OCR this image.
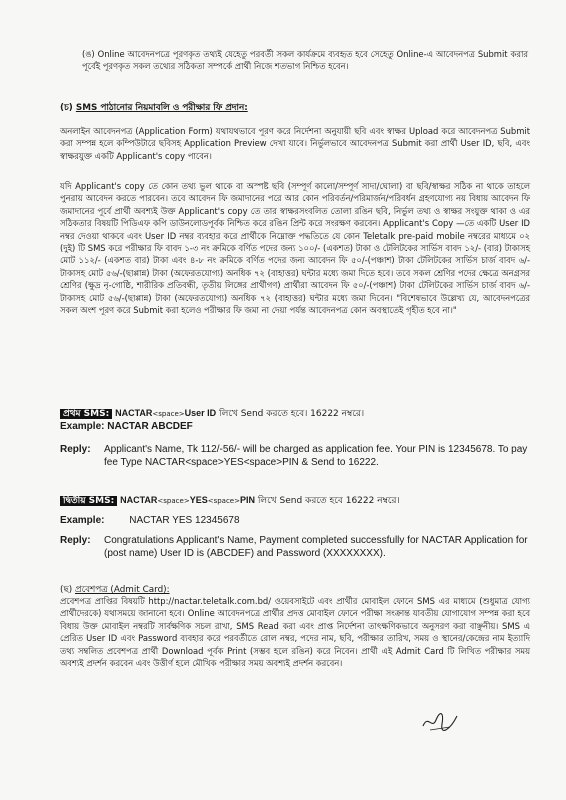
(ঙ) Online আবেদনপত্রে পূরণকৃত তথ্যই যেহেতু পরবর্তী সকল কার্যক্রমে ব্যবহৃত হবে সেহেতু Online-এ আবেদনপত্র Submit করার পূর্বেই পূরণকৃত সকল তথ্যের সঠিকতা সম্পর্কে প্রার্থী নিজে শতভাগ নিশ্চিত হবেন।
(চ) SMS পাঠানোর নিয়মাবলি ও পরীক্ষার ফি প্রদান:
অনলাইন আবেদনপত্র (Application Form) যথাযথভাবে পূরণ করে নির্দেশনা অনুযায়ী ছবি এবং স্বাক্ষর Upload করে আবেদনপত্র Submit করা সম্পন্ন হলে কম্পিউটারে ছবিসহ Application Preview দেখা যাবে। নির্ভুলভাবে আবেদনপত্র Submit করা প্রার্থী User ID, ছবি, এবং স্বাক্ষরযুক্ত একটি Applicant's copy পাবেন।
যদি Applicant's copy তে কোন তথ্য ভুল থাকে বা অস্পষ্ট ছবি (সম্পূর্ণ কালো/সম্পূর্ণ সাদা/ঘোলা) বা ছবি/স্বাক্ষর সঠিক না থাকে তাহলে পুনরায় আবেদন করতে পারবেন। তবে আবেদন ফি জমাদানের পরে আর কোন পরিবর্তন/পরিমার্জন/পরিবর্ধন গ্রহণযোগ্য নয় বিধায় আবেদন ফি জমাদানের পূর্বে প্রার্থী অবশ্যই উক্ত Applicant's copy তে তার স্বাক্ষরসংবলিত তোলা রঙিন ছবি, নির্ভুল তথ্য ও স্বাক্ষর সংযুক্ত থাকা ও এর সঠিকতার বিষয়টি পিডিএফ কপি ডাউনলোডপূর্বক নিশ্চিত করে রঙিন প্রিন্ট করে সংরক্ষণ করবেন। Applicant's Copy —তে একটি User ID নম্বর দেওয়া থাকবে এবং User ID নম্বর ব্যবহার করে প্রার্থীকে নিম্নোক্ত পদ্ধতিতে যে কোন Teletalk pre-paid mobile নম্বরের মাধ্যমে ০২ (দুই) টি SMS করে পরীক্ষার ফি বাবদ ১-৩ নং ক্রমিকে বর্ণিত পদের জন্য ১০০/- (একশত) টাকা ও টেলিটকের সার্ভিস বাবদ ১২/- (বার) টাকাসহ মোট ১১২/- (একশত বার) টাকা এবং ৪-৮ নং ক্রমিকে বর্ণিত পদের জন্য আবেদন ফি ৫০/-(পঞ্চাশ) টাকা টেলিটকের সার্ভিস চার্জ বাবদ ৬/- টাকাসহ মোট ৫৬/-(ছাপ্পান্ন) টাকা (অফেরতযোগ্য) অনধিক ৭২ (বাহাত্তর) ঘন্টার মধ্যে জমা দিতে হবে। তবে সকল শ্রেণির পদের ক্ষেত্রে অনগ্রসর শ্রেণির (ক্ষুদ্র নৃ-গোষ্ঠি, শারীরিক প্রতিবন্ধী, তৃতীয় লিঙ্গের প্রার্থীগণ) প্রার্থীরা আবেদন ফি ৫০/-(পঞ্চাশ) টাকা টেলিটকের সার্ভিস চার্জ বাবদ ৬/- টাকাসহ মোট ৫৬/-(ছাপ্পান্ন) টাকা (অফেরতযোগ্য) অনধিক ৭২ (বাহাত্তর) ঘন্টার মধ্যে জমা দিবেন। "বিশেষভাবে উল্লেখ্য যে, আবেদনপত্রের সকল অংশ পূরণ করে Submit করা হলেও পরীক্ষার ফি জমা না দেয়া পর্যন্ত আবেদনপত্র কোন অবস্থাতেই গৃহীত হবে না।"
প্রথম SMS: NACTAR<space>User ID লিখে Send করতে হবে। 16222 নম্বরে।
Example: NACTAR ABCDEF
Reply: Applicant's Name, Tk 112/-56/- will be charged as application fee. Your PIN is 12345678. To pay fee Type NACTAR<space>YES<space>PIN & Send to 16222.
দ্বিতীয় SMS: NACTAR<space>YES<space>PIN লিখে Send করতে হবে 16222 নম্বরে।
Example: NACTAR YES 12345678
Reply: Congratulations Applicant's Name, Payment completed successfully for NACTAR Application for (post name) User ID is (ABCDEF) and Password (XXXXXXXX).
(ছ) প্রবেশপত্র (Admit Card):
প্রবেশপত্র প্রাপ্তির বিষয়টি http://nactar.teletalk.com.bd/ ওয়েবসাইটে এবং প্রার্থীর মোবাইল ফোনে SMS এর মাধ্যমে (শুধুমাত্র যোগ্য প্রার্থীদেরকে) যথাসময়ে জানানো হবে। Online আবেদনপত্রে প্রার্থীর প্রদত্ত মোবাইল ফোনে পরীক্ষা সংক্রান্ত যাবতীয় যোগাযোগ সম্পন্ন করা হবে বিধায় উক্ত মোবাইল নম্বরটি সার্বক্ষণিক সচল রাখা, SMS Read করা এবং প্রাপ্ত নির্দেশনা তাৎক্ষণিকভাবে অনুসরণ করা বাঞ্ছনীয়। SMS এ প্রেরিত User ID এবং Password ব্যবহার করে পরবর্তীতে রোল নম্বর, পদের নাম, ছবি, পরীক্ষার তারিখ, সময় ও স্থানের/কেন্দ্রের নাম ইত্যাদি তথ্য সম্বলিত প্রবেশপত্র প্রার্থী Download পূর্বক Print (সম্ভব হলে রঙিন) করে নিবেন। প্রার্থী এই Admit Card টি লিখিত পরীক্ষার সময় অবশ্যই প্রদর্শন করবেন এবং উত্তীর্ণ হলে মৌখিক পরীক্ষার সময় অবশ্যই প্রদর্শন করবেন।
